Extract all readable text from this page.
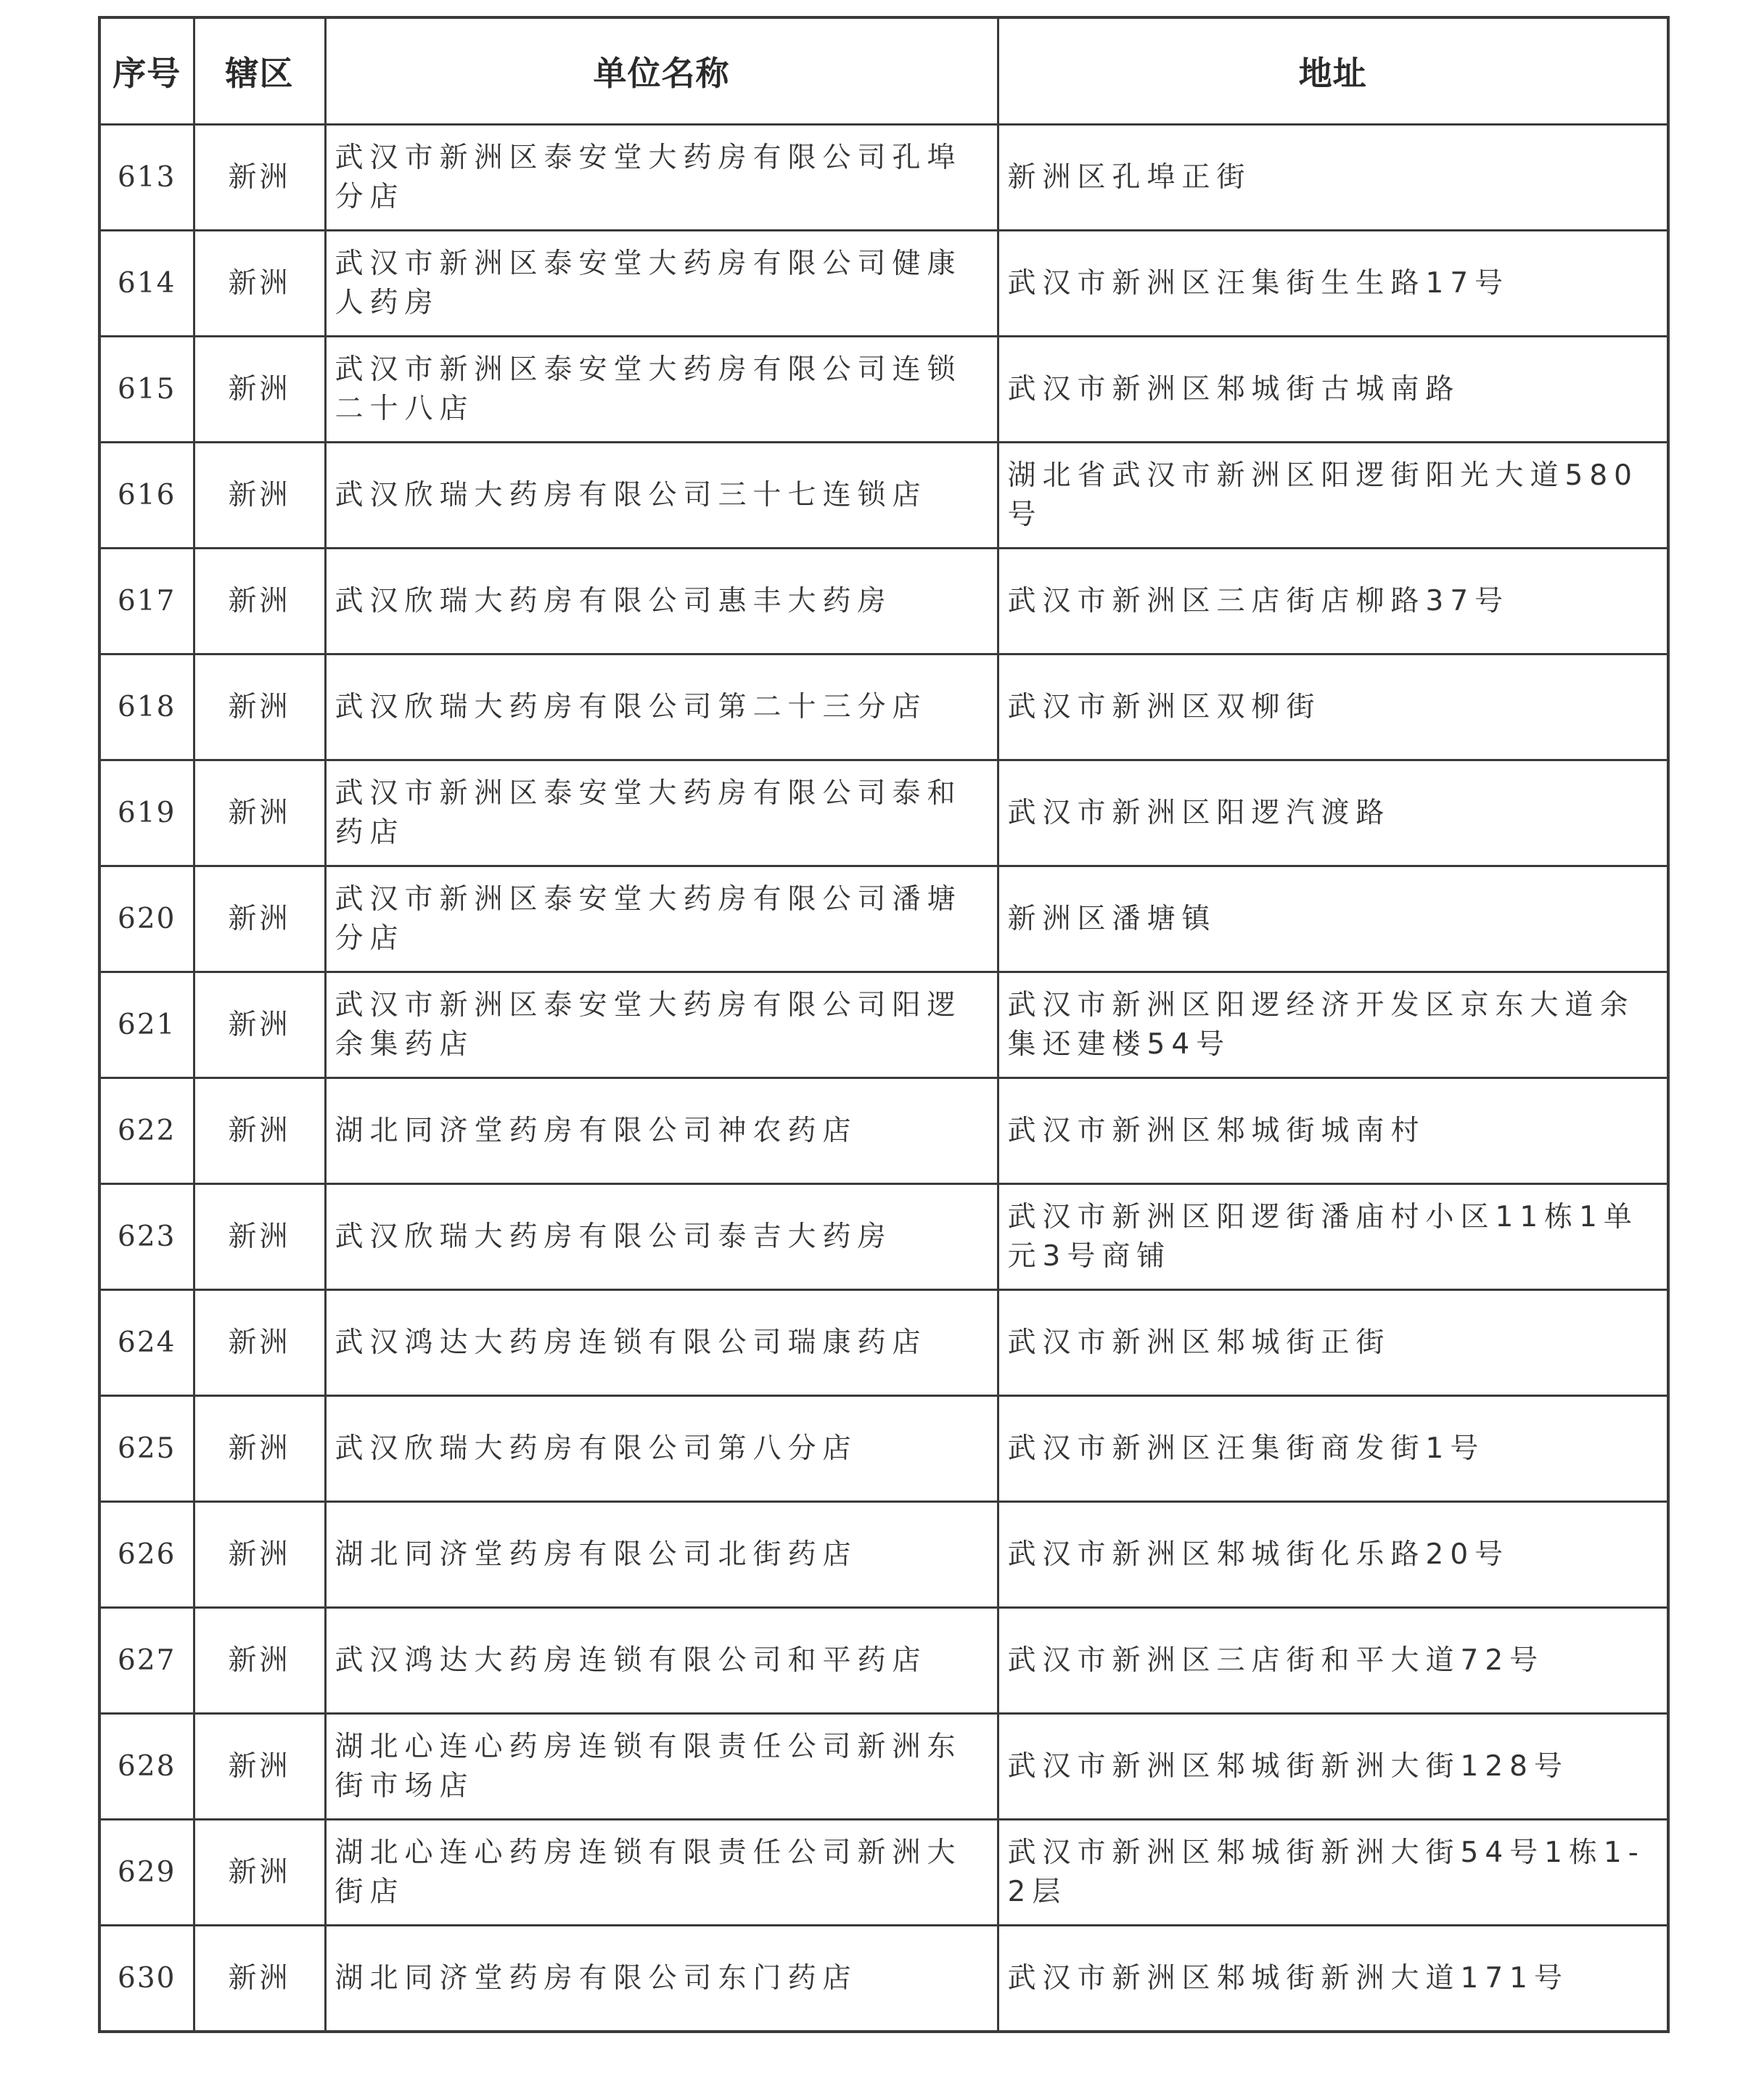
序号	辖区	单位名称	地址
613	新洲	武汉市新洲区泰安堂大药房有限公司孔埠分店	新洲区孔埠正街
614	新洲	武汉市新洲区泰安堂大药房有限公司健康人药房	武汉市新洲区汪集街生生路17号
615	新洲	武汉市新洲区泰安堂大药房有限公司连锁二十八店	武汉市新洲区邾城街古城南路
616	新洲	武汉欣瑞大药房有限公司三十七连锁店	湖北省武汉市新洲区阳逻街阳光大道580号
617	新洲	武汉欣瑞大药房有限公司惠丰大药房	武汉市新洲区三店街店柳路37号
618	新洲	武汉欣瑞大药房有限公司第二十三分店	武汉市新洲区双柳街
619	新洲	武汉市新洲区泰安堂大药房有限公司泰和药店	武汉市新洲区阳逻汽渡路
620	新洲	武汉市新洲区泰安堂大药房有限公司潘塘分店	新洲区潘塘镇
621	新洲	武汉市新洲区泰安堂大药房有限公司阳逻余集药店	武汉市新洲区阳逻经济开发区京东大道余集还建楼54号
622	新洲	湖北同济堂药房有限公司神农药店	武汉市新洲区邾城街城南村
623	新洲	武汉欣瑞大药房有限公司泰吉大药房	武汉市新洲区阳逻街潘庙村小区11栋1单元3号商铺
624	新洲	武汉鸿达大药房连锁有限公司瑞康药店	武汉市新洲区邾城街正街
625	新洲	武汉欣瑞大药房有限公司第八分店	武汉市新洲区汪集街商发街1号
626	新洲	湖北同济堂药房有限公司北街药店	武汉市新洲区邾城街化乐路20号
627	新洲	武汉鸿达大药房连锁有限公司和平药店	武汉市新洲区三店街和平大道72号
628	新洲	湖北心连心药房连锁有限责任公司新洲东街市场店	武汉市新洲区邾城街新洲大街128号
629	新洲	湖北心连心药房连锁有限责任公司新洲大街店	武汉市新洲区邾城街新洲大街54号1栋1-2层
630	新洲	湖北同济堂药房有限公司东门药店	武汉市新洲区邾城街新洲大道171号
